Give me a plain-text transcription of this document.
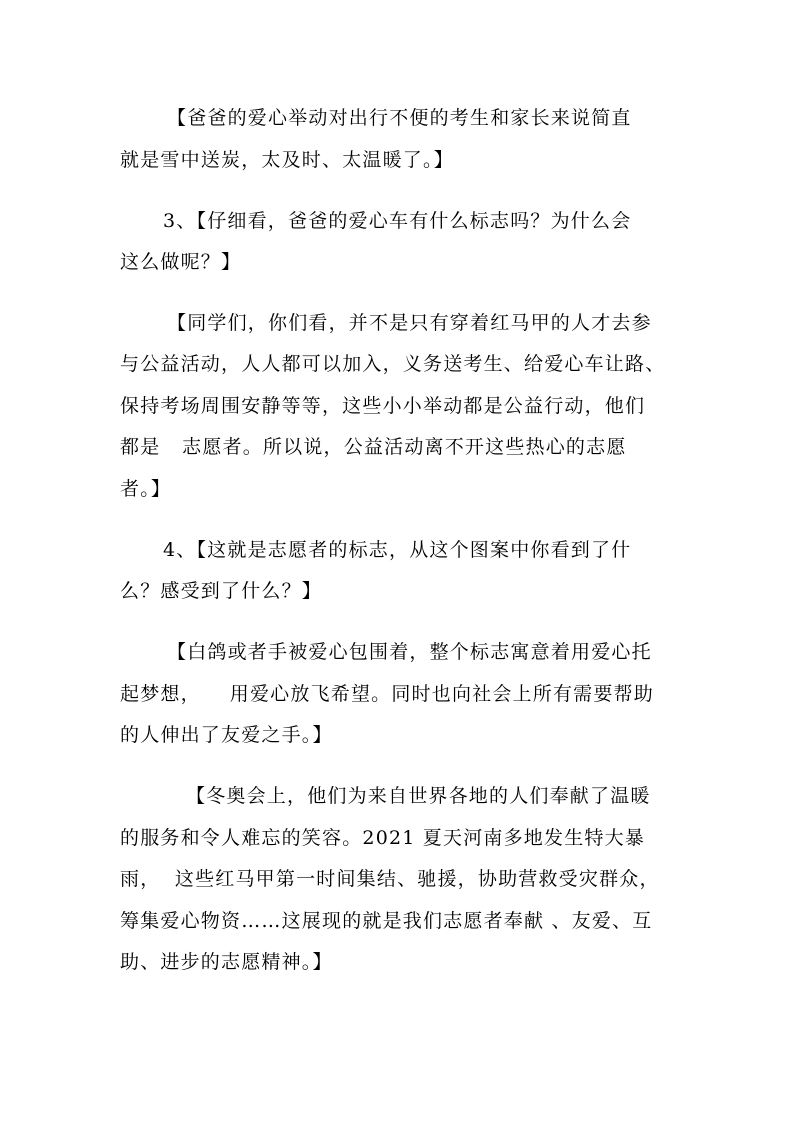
【爸爸的爱心举动对出行不便的考生和家长来说简直
就是雪中送炭，太及时、太温暖了。】
3、【仔细看，爸爸的爱心车有什么标志吗？为什么会
这么做呢？】
【同学们，你们看，并不是只有穿着红马甲的人才去参
与公益活动，人人都可以加入，义务送考生、给爱心车让路、
保持考场周围安静等等，这些小小举动都是公益行动，他们
都是   志愿者。所以说，公益活动离不开这些热心的志愿
者。】
4、【这就是志愿者的标志，从这个图案中你看到了什
么？感受到了什么？】
【白鸽或者手被爱心包围着，整个标志寓意着用爱心托
起梦想，    用爱心放飞希望。同时也向社会上所有需要帮助
的人伸出了友爱之手。】
【冬奥会上，他们为来自世界各地的人们奉献了温暖
的服务和令人难忘的笑容。2021 夏天河南多地发生特大暴
雨，  这些红马甲第一时间集结、驰援，协助营救受灾群众，
筹集爱心物资……这展现的就是我们志愿者奉献 、友爱、互
助、进步的志愿精神。】
